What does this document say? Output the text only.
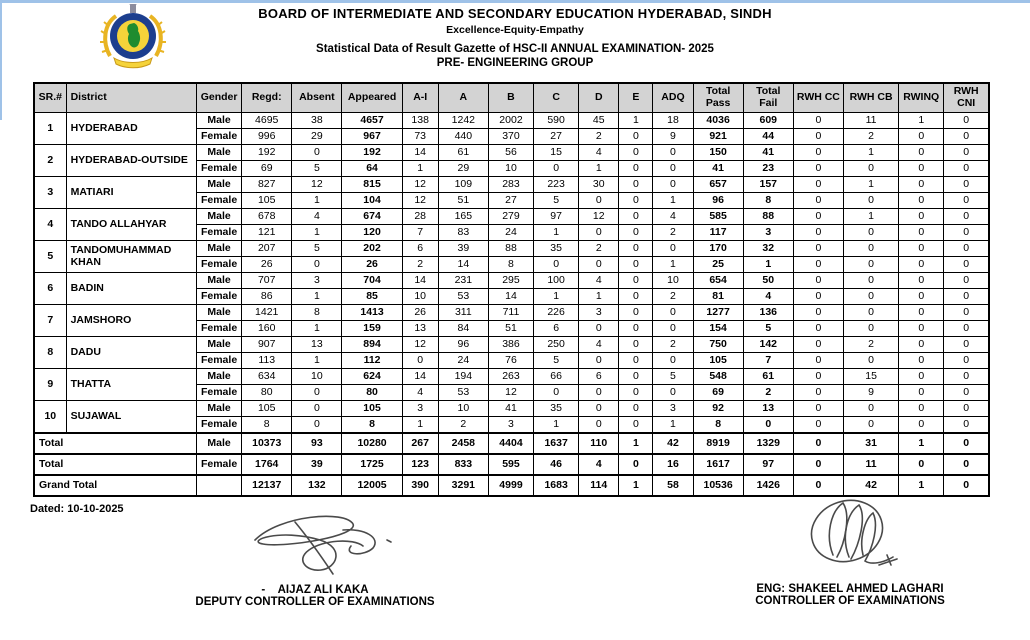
BOARD OF INTERMEDIATE AND SECONDARY EDUCATION HYDERABAD, SINDH
Excellence-Equity-Empathy
Statistical Data of Result Gazette of HSC-II ANNUAL EXAMINATION- 2025
PRE- ENGINEERING GROUP
SR.#	District	Gender	Regd:	Absent	Appeared	A-I	A	B	C	D	E	ADQ	Total Pass	Total Fail	RWH CC	RWH CB	RWINQ	RWH CNI
1	HYDERABAD	Male	4695	38	4657	138	1242	2002	590	45	1	18	4036	609	0	11	1	0
		Female	996	29	967	73	440	370	27	2	0	9	921	44	0	2	0	0
2	HYDERABAD-OUTSIDE	Male	192	0	192	14	61	56	15	4	0	0	150	41	0	1	0	0
		Female	69	5	64	1	29	10	0	1	0	0	41	23	0	0	0	0
3	MATIARI	Male	827	12	815	12	109	283	223	30	0	0	657	157	0	1	0	0
		Female	105	1	104	12	51	27	5	0	0	1	96	8	0	0	0	0
4	TANDO ALLAHYAR	Male	678	4	674	28	165	279	97	12	0	4	585	88	0	1	0	0
		Female	121	1	120	7	83	24	1	0	0	2	117	3	0	0	0	0
5	TANDOMUHAMMAD KHAN	Male	207	5	202	6	39	88	35	2	0	0	170	32	0	0	0	0
		Female	26	0	26	2	14	8	0	0	0	1	25	1	0	0	0	0
6	BADIN	Male	707	3	704	14	231	295	100	4	0	10	654	50	0	0	0	0
		Female	86	1	85	10	53	14	1	1	0	2	81	4	0	0	0	0
7	JAMSHORO	Male	1421	8	1413	26	311	711	226	3	0	0	1277	136	0	0	0	0
		Female	160	1	159	13	84	51	6	0	0	0	154	5	0	0	0	0
8	DADU	Male	907	13	894	12	96	386	250	4	0	2	750	142	0	2	0	0
		Female	113	1	112	0	24	76	5	0	0	0	105	7	0	0	0	0
9	THATTA	Male	634	10	624	14	194	263	66	6	0	5	548	61	0	15	0	0
		Female	80	0	80	4	53	12	0	0	0	0	69	2	0	9	0	0
10	SUJAWAL	Male	105	0	105	3	10	41	35	0	0	3	92	13	0	0	0	0
		Female	8	0	8	1	2	3	1	0	0	1	8	0	0	0	0	0
Total		Male	10373	93	10280	267	2458	4404	1637	110	1	42	8919	1329	0	31	1	0
Total		Female	1764	39	1725	123	833	595	46	4	0	16	1617	97	0	11	0	0
Grand Total			12137	132	12005	390	3291	4999	1683	114	1	58	10536	1426	0	42	1	0
Dated: 10-10-2025
- AIJAZ ALI KAKA
DEPUTY CONTROLLER OF EXAMINATIONS
ENG: SHAKEEL AHMED LAGHARI
CONTROLLER OF EXAMINATIONS
